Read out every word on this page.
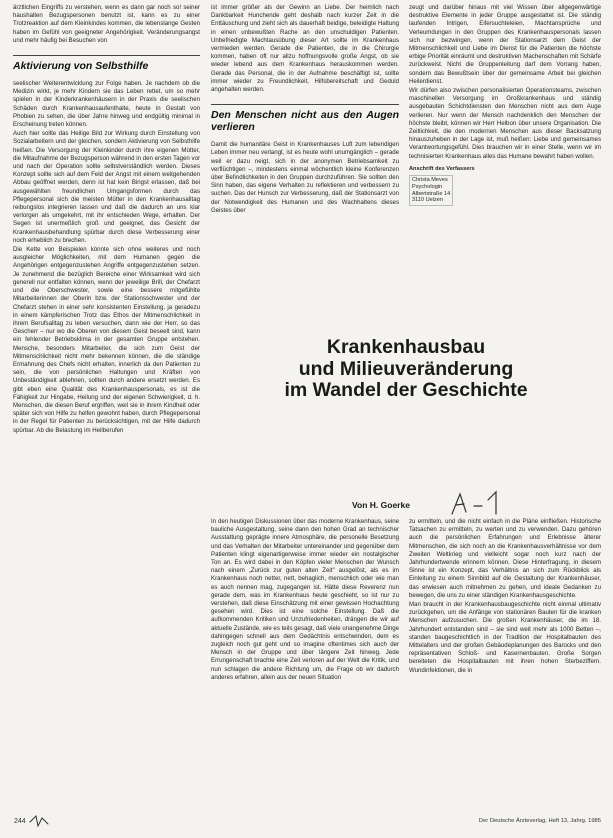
ärztlichen Eingriffs zu verstehen, wenn es dann gar noch so! seiner haushalten Bezugspersonen benutzt ist, kann es zu einer Trotzreaktion auf dem Kleinkindes kommen, die lebenslange Gesten haben im Gefühl von geeigneter Angehörigkeit. Veränderungsangst und mehr häufig bei Besuchen von

Aktivierung von Selbsthilfe

seelischer Weiterentwicklung zur Folge haben. Je nachdem ob die Medizin wirkt, je mehr Kindern sie das Leben rettet, um so mehr spielen in der Kinderkrankenhäusern in der Praxis die seelischen Schäden durch Krankenhausaufenthalte, heute in Gestalt von Phobien zu sehen, die über Jahre hinweg und endgültig minimal in Erscheinung treten können.

Auch hier sollte das Heilige Bild zur Wirkung durch Einstellung von Sozialarbeitern und der gleichen, sondern Aktivierung von Selbsthilfe heißen. Die Versorgung der Kleinkinder durch ihre eigenen Mütter, die Mitaufnahme der Bezugsperson während in den ersten Tagen vor und nach der Operation sollte selbstverständlich werden. Dieses Konzept sollte sich auf dem Feld der Angst mit einem weitgehenden Abbau geöffnet werden, denn ist hat kein Bingst erlassen, daß bei ausgewählten freundlichen Umgangsformen durch das Pflegepersonal sich die meisten Mütter in den Krankenhausalltag reibungslos integrieren lassen und daß die dadurch an uns klar verlorgen als umgekehrt, mit ihr entschieden Wege, erhalten. Der Segen ist unermeßlich groß und geeignet, das Gesicht der Krankenhausbehandlung spürbar durch diese Verbesserung einer noch erheblich zu brechen.

Die Kette von Beispielen könnte sich ohne weiteres und noch ausgleicher Möglichkeiten, mit dem Humanen gegen die Angehörigen entgegenzustehen Angriffe entgegenzustehen setzen. Je zunehmend die bezüglich Bereiche einer Wirksamkeit wird sich generell nur entfalten können, wenn der jeweilige Brill, der Chefarzt und die Oberschwester, sowie eine bessere mitgefühlte Mitarbeiterinnen der Oberin bzw. der Stationsschwester und der Chefarzt stehen in einer sehr konsistenten Einstellung, ja geradezu in einem kämpferischen Trotz das Ethos der Mitmenschlichkeit in ihrem Berufsalltag zu leben versuchen, dann wie der Herr, so das Gescherr – nur wo die Oberen von diesem Geist beseelt sind, kann ein fehlender Betriebsklima in der gesamten Gruppe entstehen. Mensche, besonders Mitarbeiter, die sich zum Geist der Mitmenschlichkeit nicht mehr bekennen können, die die ständige Ermahnung des Chefs nicht erhalten, innerlich da den Patienten zu sein, die von persönlichen Haltungen und Kräften von Unbeständigkeit ablehnen, sollten durch andere ersetzt werden. Es gibt eben eine Qualität des Krankenhauspersonals, es ist die Fähigkeit zur Hingabe, Heilung und der eigenen Schwierigkeit, d. h. Menschen, die diesen Beruf ergriffen, weil sie in ihrem Kindheit oder später sich von Hilfe zu helfen gewohnt haben, durch Pflegepersonal in der Regel für Patienten zu berücksichtigen, mit der Hilfe dadurch spürbar. Ab die Belastung im Heilberufen

ist immer größer als der Gewinn an Liebe. Der heimlich nach Dankbarkeit Hunchende geht deshalb nach kurzer Zeit in die Enttäuschung und zieht sich als dauerhaft beidige, beleidigte Haltung in einen unbewußten Rache an den unschuldigen Patienten. Unbefriedigte Machtausübung dieser Art sollte im Krankenhaus vermieden werden. Gerade die Patienten, die in die Chirurgie kommen, haben oft nur allzu hoffnungsvolle große Angst, ob sie wieder lebend aus dem Krankenhaus herauskommen werden. Gerade das Personal, die in der Aufnahme beschäftigt ist, sollte immer wieder zu Freundlichkeit, Hilfsbereitschaft und Geduld angehalten werden.

Den Menschen nicht aus den Augen verlieren

Damit die humanitäre Geist in Krankenhauses Luft zum lebendigen Leben immer neu verlangt, ist es heute wohl unumgänglich – gerade weil er dazu neigt, sich in der anonymen Betriebsamkeit zu verflüchtigen –, mindestens einmal wöchentlich kleine Konferenzen über Befindlichkeiten in den Gruppen durchzuführen. Sie sollten den Sinn haben, das eigene Verhalten zu reflektieren und verbessern zu suchen. Das der Hunsch zur Verbesserung, daß der Stationsarzt von der Notwendigkeit des Humanen und des Wachhaltens dieses Geistes über

zeugt und darüber hinaus mit viel Wissen über allgegenwärtige destruktive Elemente in jeder Gruppe ausgestattet ist. Die ständig laufenden Intrigen, Eifersuchteleien, Machtansprüche und Verleumdungen in den Gruppen des Krankenhauspersonals lassen sich nur bezwingen, wenn der Stationsarzt dem Geist der Mitmenschlichkeit und Liebe im Dienst für die Patienten die höchste erbige Priorität einräumt und destruktiven Machenschaften mit Schärfe zurückweist. Nicht die Gruppenleitung darf dem Vorrang haben, sondern das Bewußtsein über der gemeinsame Arbeit bei gleichen Heilerdienst.

Wir dürfen also zwischen personalisierten Operationsteams, zwischen maschinellen Versorgung im Großkrankenhaus und ständig ausgebauten Schichtdiensten den Menschen nicht aus dem Auge verlieren. Nur wenn der Mensch nachdenklich den Menschen der höchste bleibt, können wir Herr Helbon über unsere Organisation. Die Zeitlichkeit, die den modernen Menschen aus dieser Backsatzung hinauszuheben in der Lage ist, muß heißen: Liebe und gemeinsames Verantwortungsgefühl. Dies brauchen wir in einer Stelle, wenn wir im technisierten Krankenhaus alles das Humane bewahrt haben wollen.

Anschrift des Verfassers
Christa Meves
Psychologin
Albertstraße 14
3110 Uelzen
Krankenhausbau
und Milieuveränderung
im Wandel der Geschichte
Von H. Goerke

In den heutigen Diskussionen über das moderne Krankenhaus, seine bauliche Ausgestaltung, seine dann den hohen Grad an technischer Ausstattung geprägte innere Atmosphäre, die personelle Besetzung und das Verhalten der Mitarbeiter untereinander und gegenüber dem Patienten klingt eigenartigerweise immer wieder ein nostalgischer Ton an. Es wird dabei in den Köpfen vieler Menschen der Wunsch nach einem „Zurück zur guten alten Zeit" ausgelöst, als es im Krankenhaus noch netter, nett, behaglich, menschlich oder wie man es auch nennen mag, zugegangen ist. Hätte diese Reverenz nun gerade dem, was im Krankenhaus heute geschieht, so ist nur zu verstehen, daß diese Einschätzung mit einer gewissen Hochachtung gesehen wird. Dies ist eine solche Einstellung. Daß die aufkommenden Kritiken und Unzufriedenheiten, drängen die wir auf aktuelle Zustände, wie es teils gesagt, daß viele unangenehme Dinge dahingegen schnell aus dem Gedächtnis entschwinden, dem es zugleich noch gut geht und so imagine oftentimes sich auch der Mensch in der Gruppe und über längere Zeit hinweg. Jede Errungenschaft brachte eine Zeit verloren auf der Welt die Kritik, und nun schlagen die andere Richtung um, die Frage ob wir dadurch anderes erfahren, allein aus der neuen Situation

zu ermitteln, und die nicht einfach in die Pläne einfließen. Historische Tatsachen zu ermitteln, zu werten und zu verwenden. Dazu gehören auch die persönlichen Erfahrungen und Erlebnisse älterer Mitmenschen, die sich noch an die Krankenhausverhältnisse vor dem Zweiten Weltkrieg und vielleicht sogar noch kurz nach der Jahrhundertwende erinnern können. Diese Hinterfragung, in diesem Sinne ist ein Konzept, das Verhältnis an sich zum Rückblick als Einleitung zu einem Sinnbild auf die Gestaltung der Krankenhäuser, das erwiesen auch mitnehmen zu gehen, und ideale Gedanken zu bewegen, die uns zu einer ständigen Krankenhausgeschichte.

Man braucht in der Krankenhausbaugeschichte nicht einmal ultimativ zurückgehen, um die Anfänge von stationären Bauten für die kranken Menschen aufzusuchen. Die großen Krankenhäuser, die im 18. Jahrhundert entstanden sind – sie sind weit mehr als 1000 Betten –, standen baugeschichtlich in der Tradition der Hospitalbauten des Mittelalters und der großen Gebäudeplanungen des Barocks und den repräsentativen Schloß- und Kasernenbauten. Große Sorgen bereiteten die Hospitalbauten mit ihren hohen Sterbeziffern. Wundinfektionen, die in

244	Der Deutsche Ärzteverlag, Heft 13, Jahrg. 1985
